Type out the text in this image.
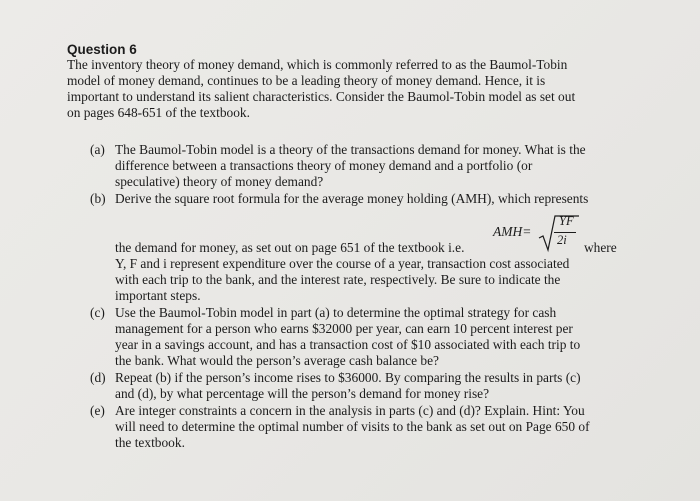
Question 6
The inventory theory of money demand, which is commonly referred to as the Baumol-Tobin
model of money demand, continues to be a leading theory of money demand. Hence, it is
important to understand its salient characteristics. Consider the Baumol-Tobin model as set out
on pages 648-651 of the textbook.
(a) The Baumol-Tobin model is a theory of the transactions demand for money. What is the
difference between a transactions theory of money demand and a portfolio (or
speculative) theory of money demand?
(b) Derive the square root formula for the average money holding (AMH), which represents
AMH=
YF
2i
the demand for money, as set out on page 651 of the textbook i.e.	where
Y, F and i represent expenditure over the course of a year, transaction cost associated
with each trip to the bank, and the interest rate, respectively. Be sure to indicate the
important steps.
(c) Use the Baumol-Tobin model in part (a) to determine the optimal strategy for cash
management for a person who earns $32000 per year, can earn 10 percent interest per
year in a savings account, and has a transaction cost of $10 associated with each trip to
the bank. What would the person’s average cash balance be?
(d) Repeat (b) if the person’s income rises to $36000. By comparing the results in parts (c)
and (d), by what percentage will the person’s demand for money rise?
(e) Are integer constraints a concern in the analysis in parts (c) and (d)? Explain. Hint: You
will need to determine the optimal number of visits to the bank as set out on Page 650 of
the textbook.
